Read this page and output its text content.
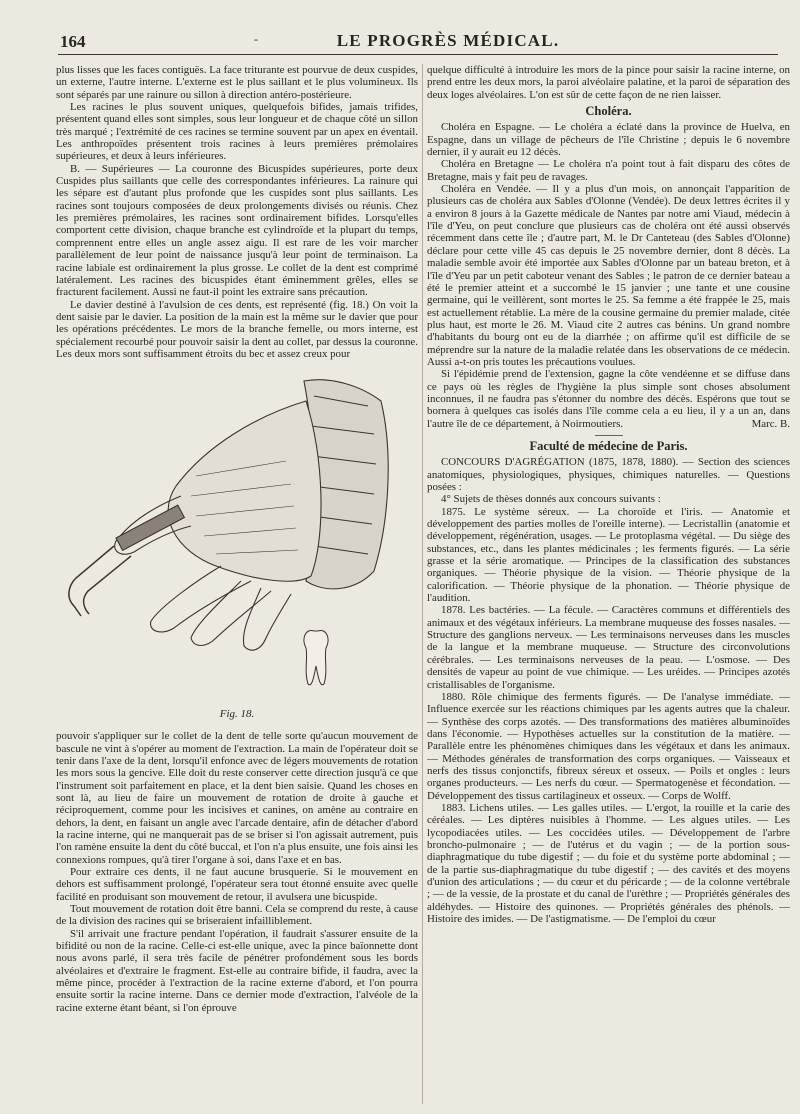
164	-	LE PROGRÈS MÉDICAL.

plus lisses que les faces contiguës. La face triturante est pourvue de deux cuspides, un externe, l'autre interne. L'externe est le plus saillant et le plus volumineux. Ils sont séparés par une rainure ou sillon à direction antéro-postérieure.

Les racines le plus souvent uniques, quelquefois bifides, jamais trifides, présentent quand elles sont simples, sous leur longueur et de chaque côté un sillon très marqué ; l'extrémité de ces racines se termine souvent par un apex en éventail. Les anthropoïdes présentent trois racines à leurs premières prémolaires supérieures, et deux à leurs inférieures.

B. — Supérieures — La couronne des Bicuspides supérieures, porte deux Cuspides plus saillants que celle des correspondantes inférieures. La rainure qui les sépare est d'autant plus profonde que les cuspides sont plus saillants. Les racines sont toujours composées de deux prolongements divisés ou réunis. Chez les premières prémolaires, les racines sont ordinairement bifides. Lorsqu'elles comportent cette division, chaque branche est cylindroïde et la plupart du temps, comprennent entre elles un angle assez aigu. Il est rare de les voir marcher parallèlement de leur point de naissance jusqu'à leur point de terminaison. La racine labiale est ordinairement la plus grosse. Le collet de la dent est comprimé latéralement. Les racines des bicuspides étant éminemment grêles, elles se fracturent facilement. Aussi ne faut-il point les extraire sans précaution.

Le davier destiné à l'avulsion de ces dents, est représenté (fig. 18.) On voit la dent saisie par le davier. La position de la main est la même sur le davier que pour les opérations précédentes. Le mors de la branche femelle, ou mors interne, est spécialement recourbé pour pouvoir saisir la dent au collet, par dessus la couronne. Les deux mors sont suffisamment étroits du bec et assez creux pour

Fig. 18.

pouvoir s'appliquer sur le collet de la dent de telle sorte qu'aucun mouvement de bascule ne vint à s'opérer au moment de l'extraction. La main de l'opérateur doit se tenir dans l'axe de la dent, lorsqu'il enfonce avec de légers mouvements de rotation les mors sous la gencive. Elle doit du reste conserver cette direction jusqu'à ce que l'instrument soit parfaitement en place, et la dent bien saisie. Quand les choses en sont là, au lieu de faire un mouvement de rotation de droite à gauche et réciproquement, comme pour les incisives et canines, on amène au contraire en dehors, la dent, en faisant un angle avec l'arcade dentaire, afin de détacher d'abord la racine interne, qui ne manquerait pas de se briser si l'on agissait autrement, puis l'on ramène ensuite la dent du côté buccal, et l'on n'a plus ensuite, une fois ainsi les connexions rompues, qu'à tirer l'organe à soi, dans l'axe et en bas.

Pour extraire ces dents, il ne faut aucune brusquerie. Si le mouvement en dehors est suffisamment prolongé, l'opérateur sera tout étonné ensuite avec quelle facilité en produisant son mouvement de retour, il avulsera une bicuspide.

Tout mouvement de rotation doit être banni. Cela se comprend du reste, à cause de la division des racines qui se briseraient infailliblement.

S'il arrivait une fracture pendant l'opération, il faudrait s'assurer ensuite de la bifidité ou non de la racine. Celle-ci est-elle unique, avec la pince baïonnette dont nous avons parlé, il sera très facile de pénétrer profondément sous les bords alvéolaires et d'extraire le fragment. Est-elle au contraire bifide, il faudra, avec la même pince, procéder à l'extraction de la racine externe d'abord, et l'on pourra ensuite sortir la racine interne. Dans ce dernier mode d'extraction, l'alvéole de la racine externe étant béant, si l'on éprouve

quelque difficulté à introduire les mors de la pince pour saisir la racine interne, on prend entre les deux mors, la paroi alvéolaire palatine, et la paroi de séparation des deux loges alvéolaires. L'on est sûr de cette façon de ne rien laisser.

Choléra.

Choléra en Espagne. — Le choléra a éclaté dans la province de Huelva, en Espagne, dans un village de pêcheurs de l'île Christine ; depuis le 6 novembre dernier, il y aurait eu 12 décès.

Choléra en Bretagne — Le choléra n'a point tout à fait disparu des côtes de Bretagne, mais y fait peu de ravages.

Choléra en Vendée. — Il y a plus d'un mois, on annonçait l'apparition de plusieurs cas de choléra aux Sables d'Olonne (Vendée). De deux lettres écrites il y a environ 8 jours à la Gazette médicale de Nantes par notre ami Viaud, médecin à l'île d'Yeu, on peut conclure que plusieurs cas de choléra ont été aussi observés récemment dans cette île ; d'autre part, M. le Dr Canteteau (des Sables d'Olonne) déclare pour cette ville 45 cas depuis le 25 novembre dernier, dont 8 décès. La maladie semble avoir été importée aux Sables d'Olonne par un bateau breton, et à l'île d'Yeu par un petit caboteur venant des Sables ; le patron de ce dernier bateau a été le premier atteint et a succombé le 15 janvier ; une tante et une cousine germaine, qui le veillèrent, sont mortes le 25. Sa femme a été frappée le 25, mais est actuellement rétablie. La mère de la cousine germaine du premier malade, citée plus haut, est morte le 26. M. Viaud cite 2 autres cas bénins. Un grand nombre d'habitants du bourg ont eu de la diarrhée ; on affirme qu'il est difficile de se méprendre sur la nature de la maladie relatée dans les observations de ce médecin. Aussi a-t-on pris toutes les précautions voulues.

Si l'épidémie prend de l'extension, gagne la côte vendéenne et se diffuse dans ce pays où les règles de l'hygiène la plus simple sont choses absolument inconnues, il ne faudra pas s'étonner du nombre des décès. Espérons que tout se bornera à quelques cas isolés dans l'île comme cela a eu lieu, il y a un an, dans l'autre île de ce département, à Noirmoutiers.	Marc. B.

Faculté de médecine de Paris.

CONCOURS D'AGRÉGATION (1875, 1878, 1880). — Section des sciences anatomiques, physiologiques, physiques, chimiques naturelles. — Questions posées :

4° Sujets de thèses donnés aux concours suivants :

1875. Le système séreux. — La choroïde et l'iris. — Anatomie et développement des parties molles de l'oreille interne). — Lecristallin (anatomie et développement, régénération, usages. — Le protoplasma végétal. — Du siège des substances, etc., dans les plantes médicinales ; les ferments figurés. — La série grasse et la série aromatique. — Principes de la classification des substances organiques. — Théorie physique de la vision. — Théorie physique de la calorification. — Théorie physique de la phonation. — Théorie physique de l'audition.

1878. Les bactéries. — La fécule. — Caractères communs et différentiels des animaux et des végétaux inférieurs. La membrane muqueuse des fosses nasales. — Structure des ganglions nerveux. — Les terminaisons nerveuses dans les muscles de la langue et la membrane muqueuse. — Structure des circonvolutions cérébrales. — Les terminaisons nerveuses de la peau. — L'osmose. — Des densités de vapeur au point de vue chimique. — Les uréides. — Principes azotés cristallisables de l'organisme.

1880. Rôle chimique des ferments figurés. — De l'analyse immédiate. — Influence exercée sur les réactions chimiques par les agents autres que la chaleur. — Synthèse des corps azotés. — Des transformations des matières albuminoïdes dans l'économie. — Hypothèses actuelles sur la constitution de la matière. — Parallèle entre les phénomènes chimiques dans les végétaux et dans les animaux. — Méthodes générales de transformation des corps organiques. — Vaisseaux et nerfs des tissus conjonctifs, fibreux séreux et osseux. — Poils et ongles : leurs organes producteurs. — Les nerfs du cœur. — Spermatogenèse et fécondation. — Développement des tissus cartilagineux et osseux. — Corps de Wolff.

1883. Lichens utiles. — Les galles utiles. — L'ergot, la rouille et la carie des céréales. — Les diptères nuisibles à l'homme. — Les algues utiles. — Les lycopodiacées utiles. — Les coccidées utiles. — Développement de l'arbre broncho-pulmonaire ; — de l'utérus et du vagin ; — de la portion sous-diaphragmatique du tube digestif ; — du foie et du système porte abdominal ; — de la partie sus-diaphragmatique du tube digestif ; — des cavités et des moyens d'union des articulations ; — du cœur et du péricarde ; — de la colonne vertébrale ; — de la vessie, de la prostate et du canal de l'urèthre ; — Propriétés générales des aldéhydes. — Histoire des quinones. — Propriétés générales des phénols. — Histoire des imides. — De l'astigmatisme. — De l'emploi du cœur
